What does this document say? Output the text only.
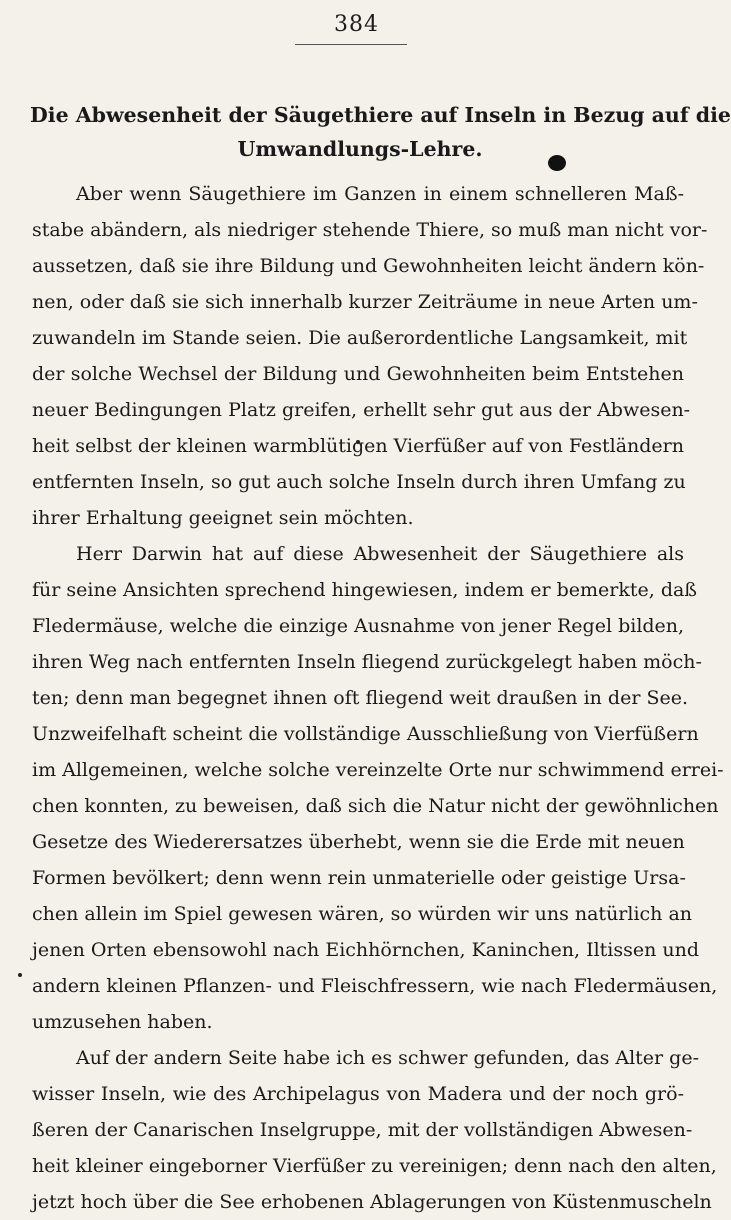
384
Die Abwesenheit der Säugethiere auf Inseln in Bezug auf die
Umwandlungs-Lehre.
Aber wenn Säugethiere im Ganzen in einem schnelleren Maß-
stabe abändern, als niedriger stehende Thiere, so muß man nicht vor-
aussetzen, daß sie ihre Bildung und Gewohnheiten leicht ändern kön-
nen, oder daß sie sich innerhalb kurzer Zeiträume in neue Arten um-
zuwandeln im Stande seien. Die außerordentliche Langsamkeit, mit
der solche Wechsel der Bildung und Gewohnheiten beim Entstehen
neuer Bedingungen Platz greifen, erhellt sehr gut aus der Abwesen-
heit selbst der kleinen warmblütigen Vierfüßer auf von Festländern
entfernten Inseln, so gut auch solche Inseln durch ihren Umfang zu
ihrer Erhaltung geeignet sein möchten.
Herr Darwin hat auf diese Abwesenheit der Säugethiere als
für seine Ansichten sprechend hingewiesen, indem er bemerkte, daß
Fledermäuse, welche die einzige Ausnahme von jener Regel bilden,
ihren Weg nach entfernten Inseln fliegend zurückgelegt haben möch-
ten; denn man begegnet ihnen oft fliegend weit draußen in der See.
Unzweifelhaft scheint die vollständige Ausschließung von Vierfüßern
im Allgemeinen, welche solche vereinzelte Orte nur schwimmend errei-
chen konnten, zu beweisen, daß sich die Natur nicht der gewöhnlichen
Gesetze des Wiederersatzes überhebt, wenn sie die Erde mit neuen
Formen bevölkert; denn wenn rein unmaterielle oder geistige Ursa-
chen allein im Spiel gewesen wären, so würden wir uns natürlich an
jenen Orten ebensowohl nach Eichhörnchen, Kaninchen, Iltissen und
andern kleinen Pflanzen- und Fleischfressern, wie nach Fledermäusen,
umzusehen haben.
Auf der andern Seite habe ich es schwer gefunden, das Alter ge-
wisser Inseln, wie des Archipelagus von Madera und der noch grö-
ßeren der Canarischen Inselgruppe, mit der vollständigen Abwesen-
heit kleiner eingeborner Vierfüßer zu vereinigen; denn nach den alten,
jetzt hoch über die See erhobenen Ablagerungen von Küstenmuscheln
